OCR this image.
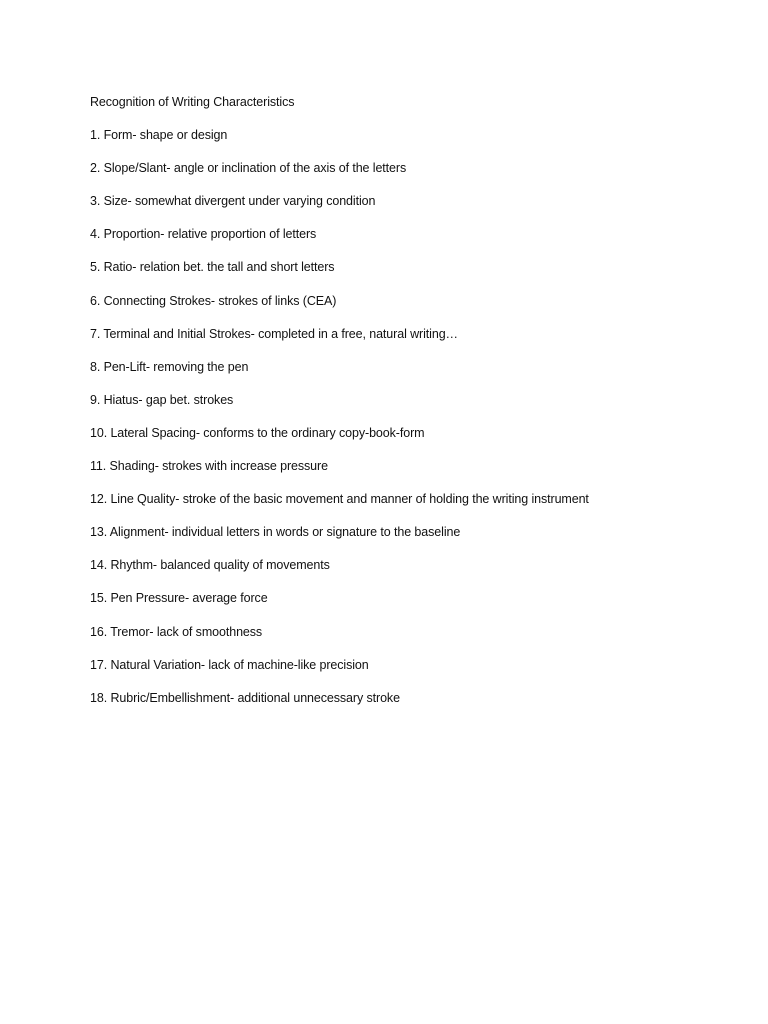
Recognition of Writing Characteristics
1. Form- shape or design
2. Slope/Slant- angle or inclination of the axis of the letters
3. Size- somewhat divergent under varying condition
4. Proportion- relative proportion of letters
5. Ratio- relation bet. the tall and short letters
6. Connecting Strokes- strokes of links (CEA)
7. Terminal and Initial Strokes- completed in a free, natural writing…
8. Pen-Lift- removing the pen
9. Hiatus- gap bet. strokes
10. Lateral Spacing- conforms to the ordinary copy-book-form
11. Shading- strokes with increase pressure
12. Line Quality- stroke of the basic movement and manner of holding the writing instrument
13. Alignment- individual letters in words or signature to the baseline
14. Rhythm- balanced quality of movements
15. Pen Pressure- average force
16. Tremor- lack of smoothness
17. Natural Variation- lack of machine-like precision
18. Rubric/Embellishment- additional unnecessary stroke
